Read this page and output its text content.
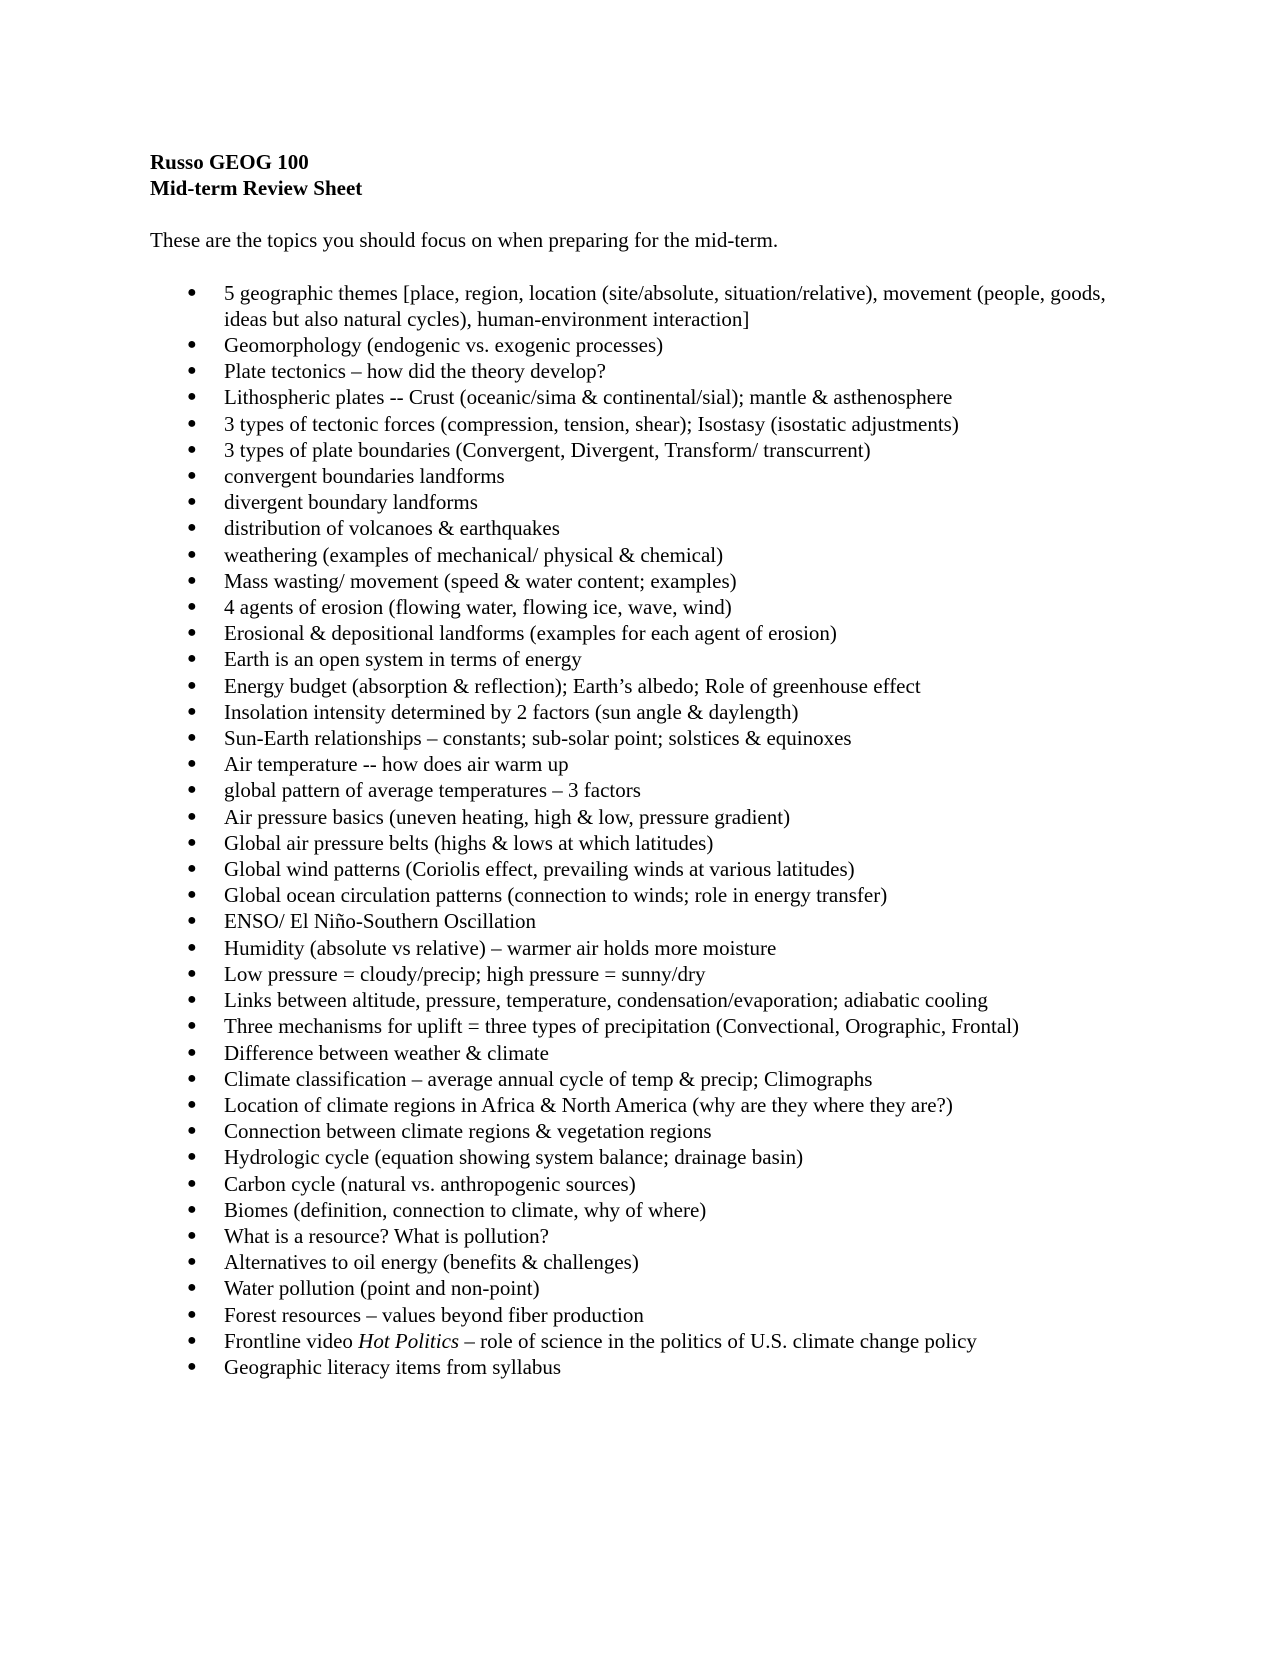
Russo GEOG 100

Mid-term Review Sheet

These are the topics you should focus on when preparing for the mid-term.

● 5 geographic themes [place, region, location (site/absolute, situation/relative), movement (people, goods, ideas but also natural cycles), human-environment interaction]
● Geomorphology (endogenic vs. exogenic processes)
● Plate tectonics – how did the theory develop?
● Lithospheric plates -- Crust (oceanic/sima & continental/sial); mantle & asthenosphere
● 3 types of tectonic forces (compression, tension, shear); Isostasy (isostatic adjustments)
● 3 types of plate boundaries (Convergent, Divergent, Transform/ transcurrent)
● convergent boundaries landforms
● divergent boundary landforms
● distribution of volcanoes & earthquakes
● weathering (examples of mechanical/ physical & chemical)
● Mass wasting/ movement (speed & water content; examples)
● 4 agents of erosion (flowing water, flowing ice, wave, wind)
● Erosional & depositional landforms (examples for each agent of erosion)
● Earth is an open system in terms of energy
● Energy budget (absorption & reflection); Earth’s albedo; Role of greenhouse effect
● Insolation intensity determined by 2 factors (sun angle & daylength)
● Sun-Earth relationships – constants; sub-solar point; solstices & equinoxes
● Air temperature -- how does air warm up
● global pattern of average temperatures – 3 factors
● Air pressure basics (uneven heating, high & low, pressure gradient)
● Global air pressure belts (highs & lows at which latitudes)
● Global wind patterns (Coriolis effect, prevailing winds at various latitudes)
● Global ocean circulation patterns (connection to winds; role in energy transfer)
● ENSO/ El Niño-Southern Oscillation
● Humidity (absolute vs relative) – warmer air holds more moisture
● Low pressure = cloudy/precip; high pressure = sunny/dry
● Links between altitude, pressure, temperature, condensation/evaporation; adiabatic cooling
● Three mechanisms for uplift = three types of precipitation (Convectional, Orographic, Frontal)
● Difference between weather & climate
● Climate classification – average annual cycle of temp & precip; Climographs
● Location of climate regions in Africa & North America (why are they where they are?)
● Connection between climate regions & vegetation regions
● Hydrologic cycle (equation showing system balance; drainage basin)
● Carbon cycle (natural vs. anthropogenic sources)
● Biomes (definition, connection to climate, why of where)
● What is a resource? What is pollution?
● Alternatives to oil energy (benefits & challenges)
● Water pollution (point and non-point)
● Forest resources – values beyond fiber production
● Frontline video Hot Politics – role of science in the politics of U.S. climate change policy
● Geographic literacy items from syllabus
